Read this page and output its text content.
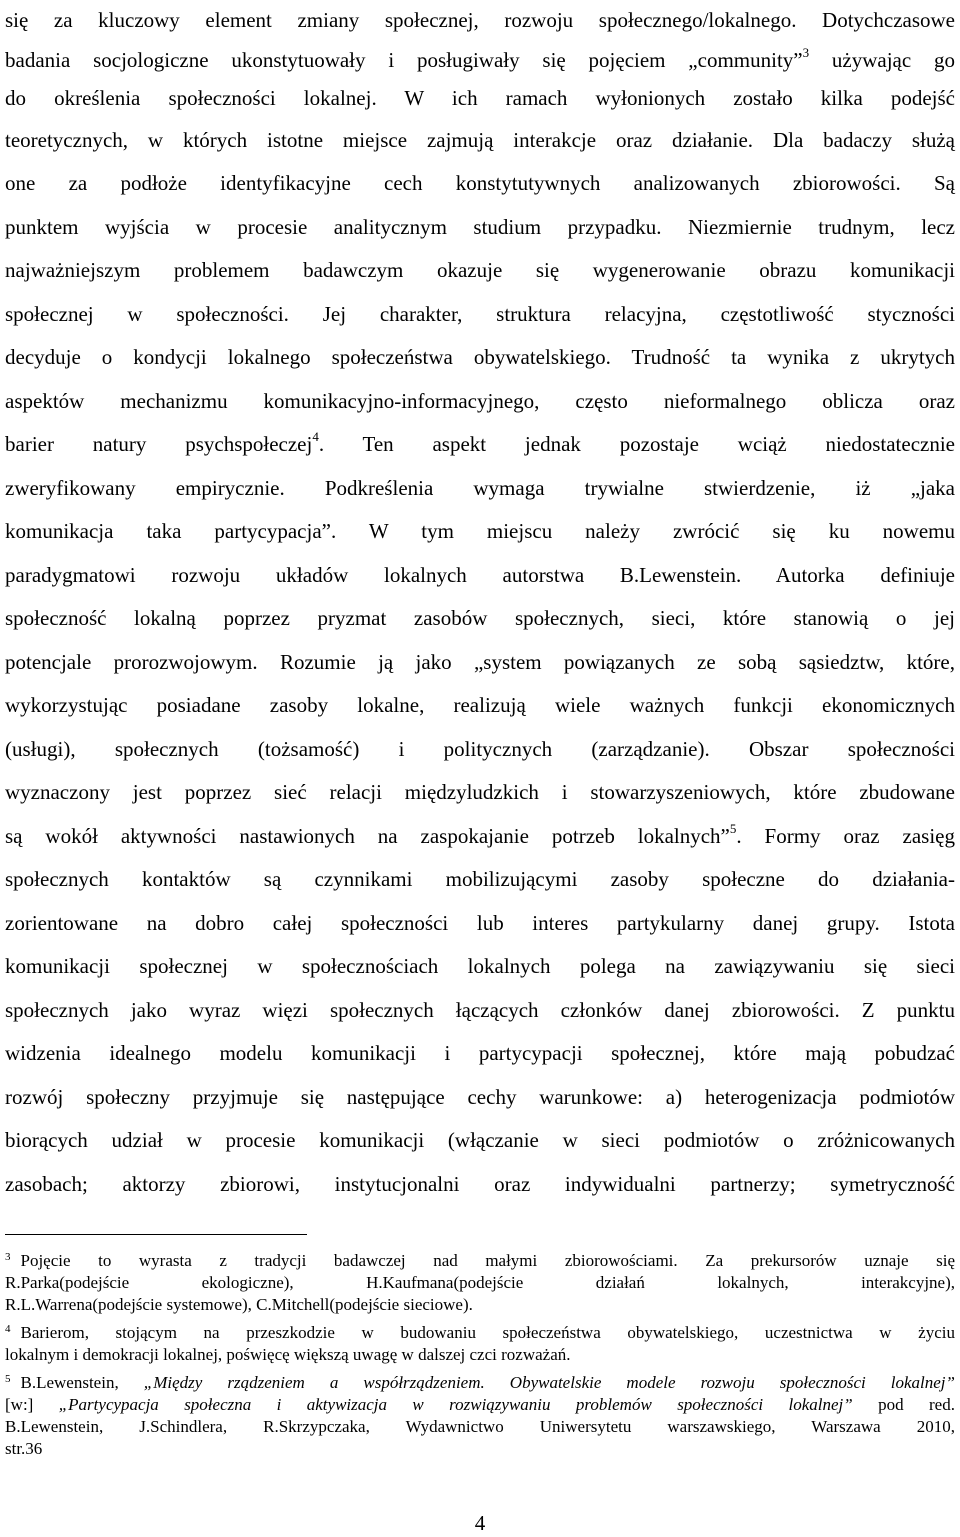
się za kluczowy element zmiany społecznej, rozwoju społecznego/lokalnego. Dotychczasowe
badania socjologiczne ukonstytuowały i posługiwały się pojęciem „community”$^3$ używając go
do określenia społeczności lokalnej. W ich ramach wyłonionych zostało kilka podejść
teoretycznych, w których istotne miejsce zajmują interakcje oraz działanie. Dla badaczy służą
one za podłoże identyfikacyjne cech konstytutywnych analizowanych zbiorowości. Są
punktem wyjścia w procesie analitycznym studium przypadku. Niezmiernie trudnym, lecz
najważniejszym problemem badawczym okazuje się wygenerowanie obrazu komunikacji
społecznej w społeczności. Jej charakter, struktura relacyjna, częstotliwość styczności
decyduje o kondycji lokalnego społeczeństwa obywatelskiego. Trudność ta wynika z ukrytych
aspektów mechanizmu komunikacyjno-informacyjnego, często nieformalnego oblicza oraz
barier natury psychspołeczej$^4$. Ten aspekt jednak pozostaje wciąż niedostatecznie
zweryfikowany empirycznie. Podkreślenia wymaga trywialne stwierdzenie, iż „jaka
komunikacja taka partycypacja”. W tym miejscu należy zwrócić się ku nowemu
paradygmatowi rozwoju układów lokalnych autorstwa B.Lewenstein. Autorka definiuje
społeczność lokalną poprzez pryzmat zasobów społecznych, sieci, które stanowią o jej
potencjale prorozwojowym. Rozumie ją jako „system powiązanych ze sobą sąsiedztw, które,
wykorzystując posiadane zasoby lokalne, realizują wiele ważnych funkcji ekonomicznych
(usługi), społecznych (tożsamość) i politycznych (zarządzanie). Obszar społeczności
wyznaczony jest poprzez sieć relacji międzyludzkich i stowarzyszeniowych, które zbudowane
są wokół aktywności nastawionych na zaspokajanie potrzeb lokalnych”$^5$. Formy oraz zasięg
społecznych kontaktów są czynnikami mobilizującymi zasoby społeczne do działania-
zorientowane na dobro całej społeczności lub interes partykularny danej grupy. Istota
komunikacji społecznej w społecznościach lokalnych polega na zawiązywaniu się sieci
społecznych jako wyraz więzi społecznych łączących członków danej zbiorowości. Z punktu
widzenia idealnego modelu komunikacji i partycypacji społecznej, które mają pobudzać
rozwój społeczny przyjmuje się następujące cechy warunkowe: a) heterogenizacja podmiotów
biorących udział w procesie komunikacji (włączanie w sieci podmiotów o zróżnicowanych
zasobach; aktorzy zbiorowi, instytucjonalni oraz indywidualni partnerzy; symetryczność
$^3$ Pojęcie to wyrasta z tradycji badawczej nad małymi zbiorowościami. Za prekursorów uznaje się
R.Parka(podejście ekologiczne), H.Kaufmana(podejście działań lokalnych, interakcyjne),
R.L.Warrena(podejście systemowe), C.Mitchell(podejście sieciowe).
$^4$ Barierom, stojącym na przeszkodzie w budowaniu społeczeństwa obywatelskiego, uczestnictwa w życiu
lokalnym i demokracji lokalnej, poświęcę większą uwagę w dalszej czci rozważań.
$^5$ B.Lewenstein, „Między rządzeniem a współrządzeniem. Obywatelskie modele rozwoju społeczności lokalnej”
[w:] „Partycypacja społeczna i aktywizacja w rozwiązywaniu problemów społeczności lokalnej” pod red.
B.Lewenstein, J.Schindlera, R.Skrzypczaka, Wydawnictwo Uniwersytetu warszawskiego, Warszawa 2010,
str.36
4
